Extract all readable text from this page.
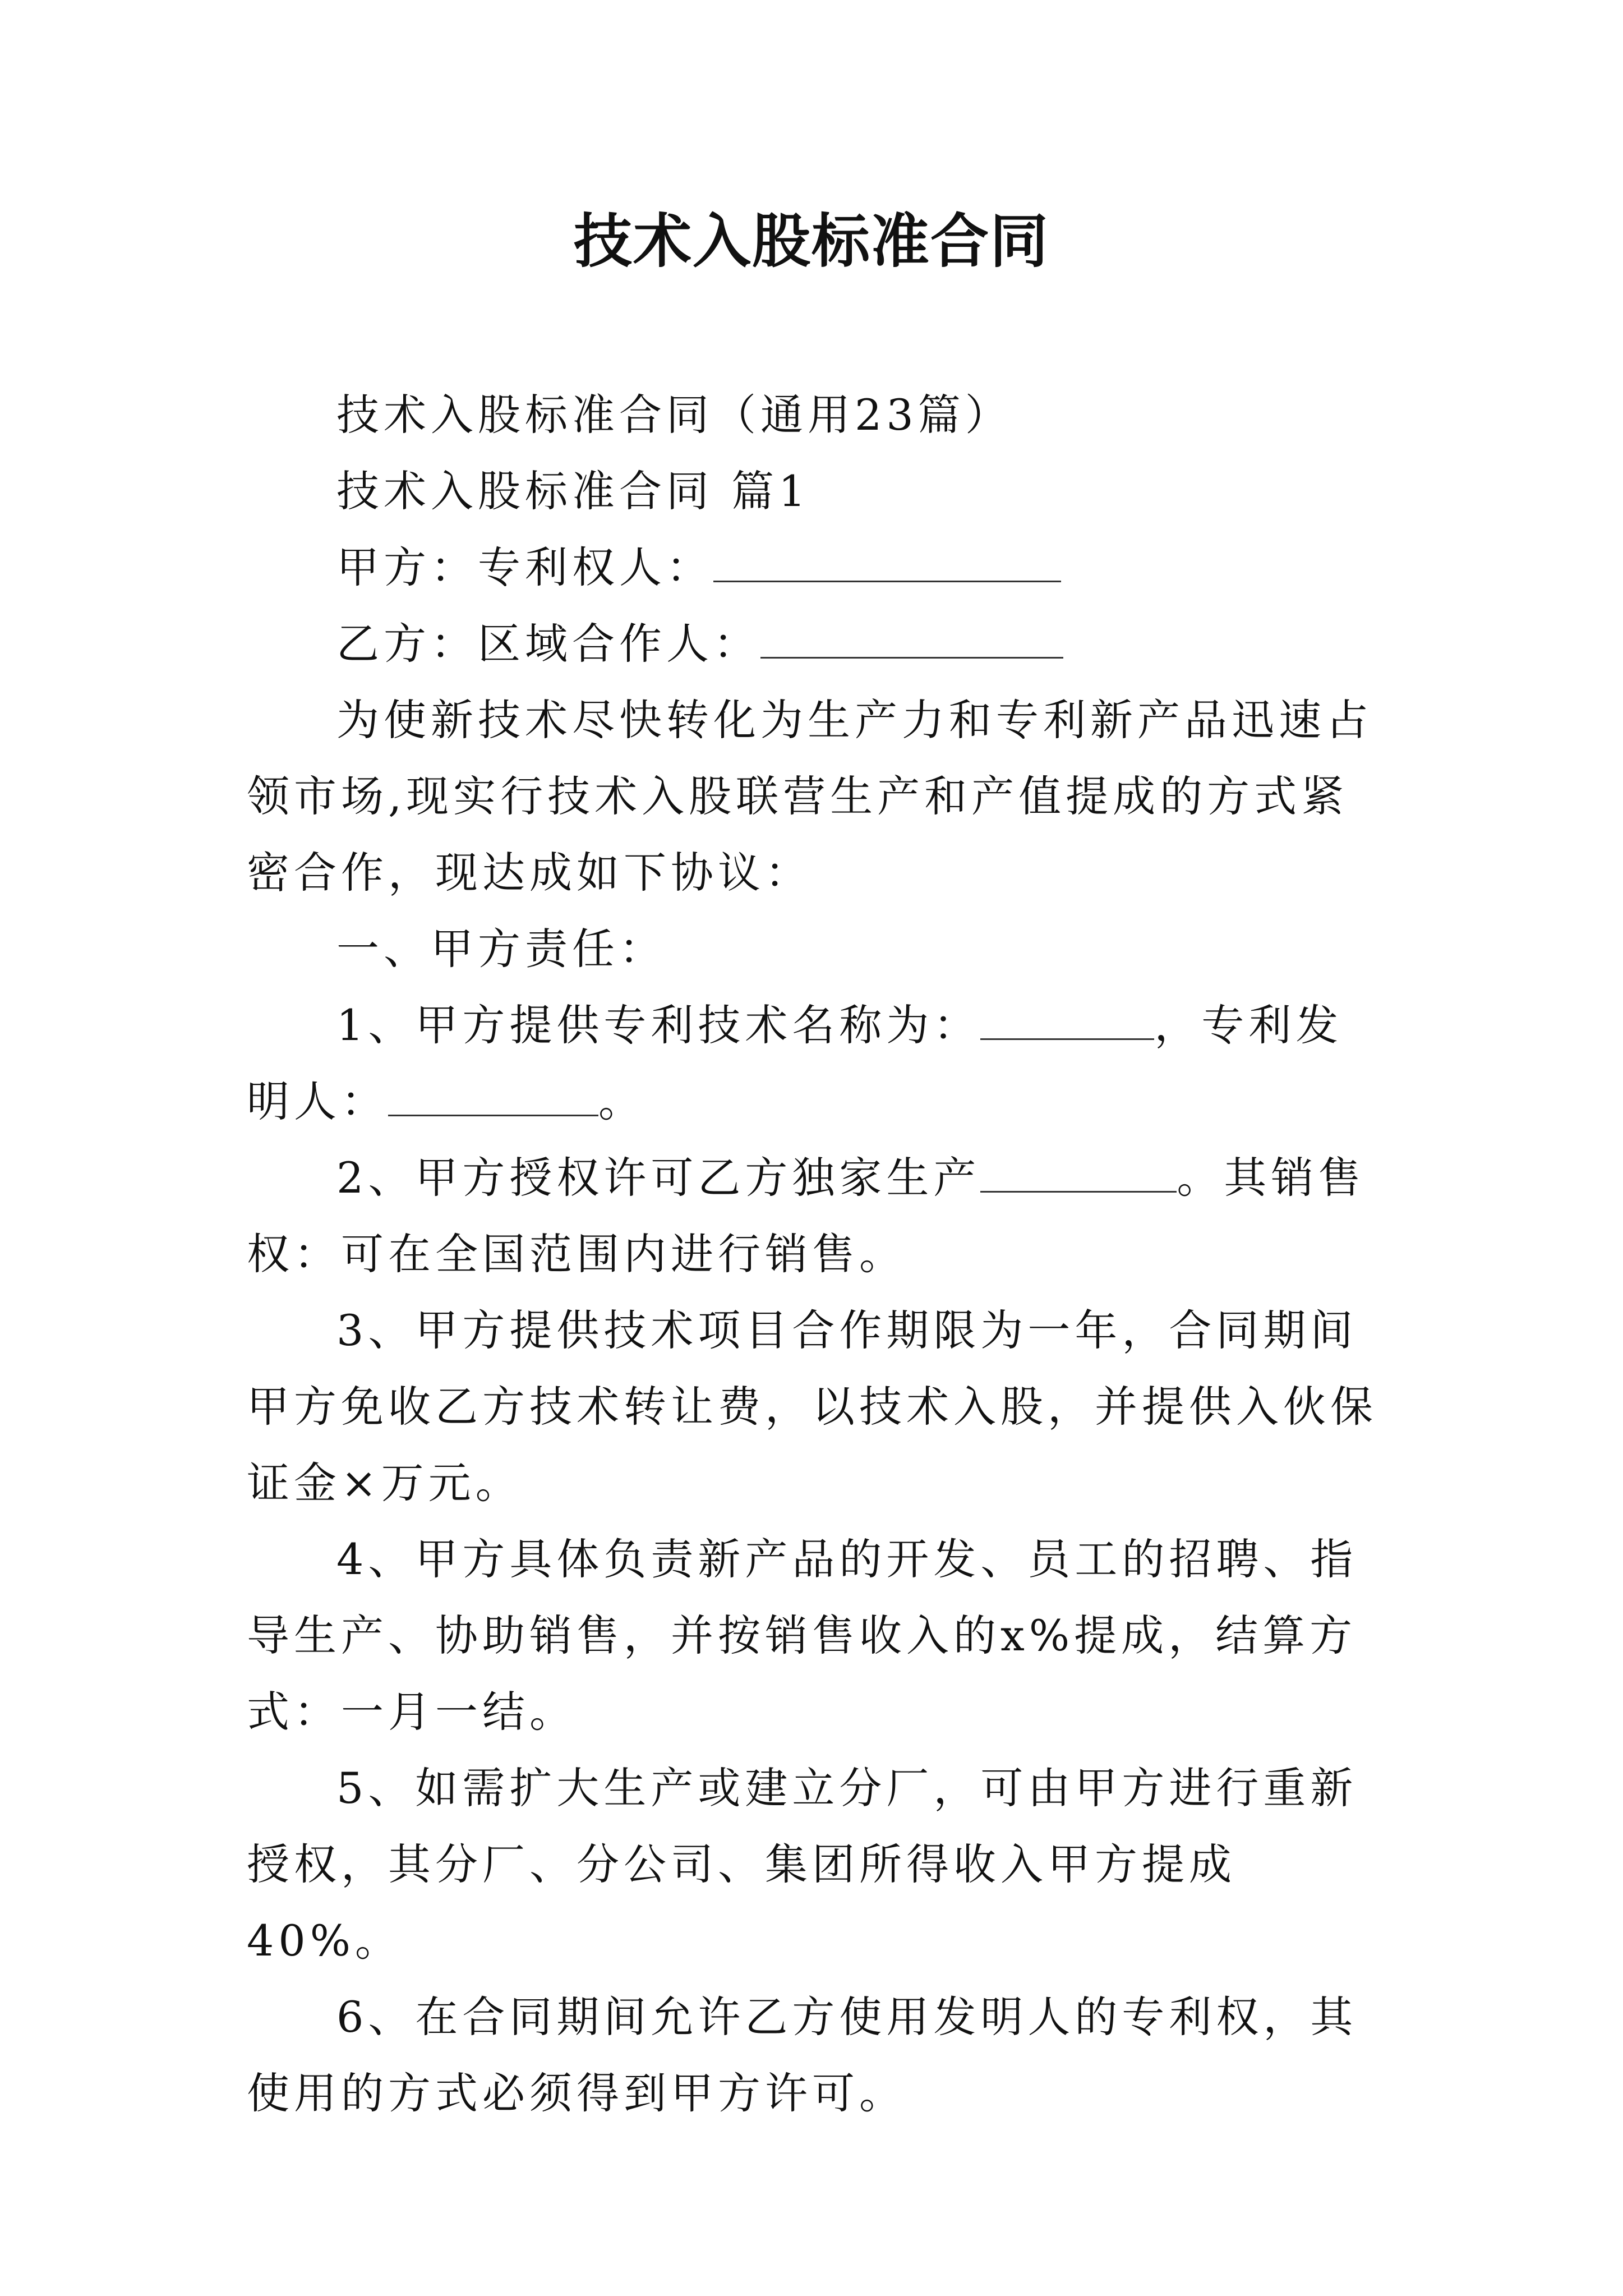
技术入股标准合同

技术入股标准合同（通用23篇）

技术入股标准合同 篇1

甲方：专利权人：

乙方：区域合作人：

为使新技术尽快转化为生产力和专利新产品迅速占领市场,现实行技术入股联营生产和产值提成的方式紧密合作，现达成如下协议：

一、甲方责任：

1、甲方提供专利技术名称为：	，专利发明人：	。

2、甲方授权许可乙方独家生产	。其销售权：可在全国范围内进行销售。

3、甲方提供技术项目合作期限为一年，合同期间甲方免收乙方技术转让费，以技术入股，并提供入伙保证金×万元。

4、甲方具体负责新产品的开发、员工的招聘、指导生产、协助销售，并按销售收入的x%提成，结算方式：一月一结。

5、如需扩大生产或建立分厂，可由甲方进行重新授权，其分厂、分公司、集团所得收入甲方提成40%。

6、在合同期间允许乙方使用发明人的专利权，其使用的方式必须得到甲方许可。
